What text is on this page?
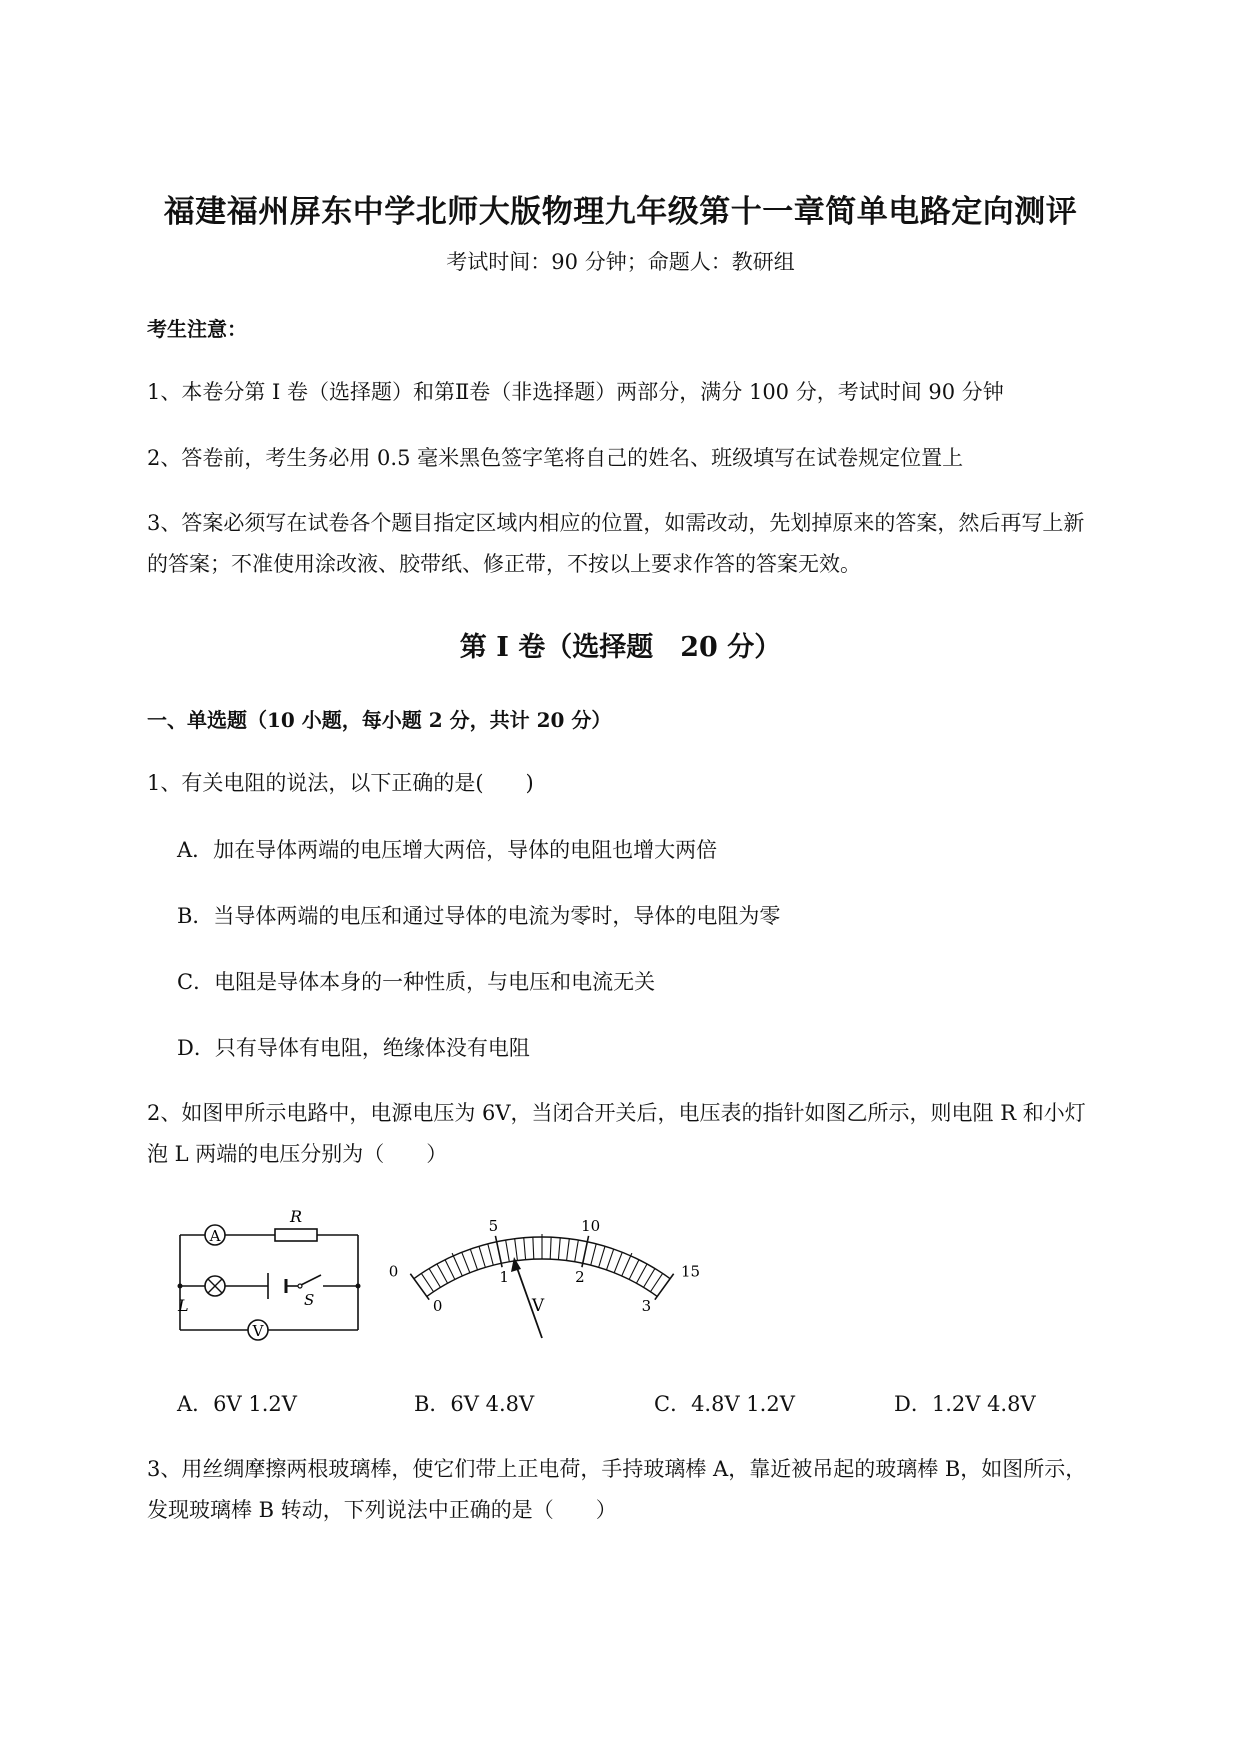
福建福州屏东中学北师大版物理九年级第十一章简单电路定向测评
考试时间：90 分钟；命题人：教研组
考生注意：
1、本卷分第 I 卷（选择题）和第Ⅱ卷（非选择题）两部分，满分 100 分，考试时间 90 分钟
2、答卷前，考生务必用 0.5 毫米黑色签字笔将自己的姓名、班级填写在试卷规定位置上
3、答案必须写在试卷各个题目指定区域内相应的位置，如需改动，先划掉原来的答案，然后再写上新
的答案；不准使用涂改液、胶带纸、修正带，不按以上要求作答的答案无效。
第 I 卷（选择题　20 分）
一、单选题（10 小题，每小题 2 分，共计 20 分）
1、有关电阻的说法，以下正确的是(　　)
A．加在导体两端的电压增大两倍，导体的电阻也增大两倍
B．当导体两端的电压和通过导体的电流为零时，导体的电阻为零
C．电阻是导体本身的一种性质，与电压和电流无关
D．只有导体有电阻，绝缘体没有电阻
2、如图甲所示电路中，电源电压为 6V，当闭合开关后，电压表的指针如图乙所示，则电阻 R 和小灯
泡 L 两端的电压分别为（　　）
A
R
L	S
V
0
5	10
15
0
1	2
3
V
A．6V 1.2V	B．6V 4.8V	C．4.8V 1.2V	D．1.2V 4.8V
3、用丝绸摩擦两根玻璃棒，使它们带上正电荷，手持玻璃棒 A，靠近被吊起的玻璃棒 B，如图所示，
发现玻璃棒 B 转动，下列说法中正确的是（　　）
